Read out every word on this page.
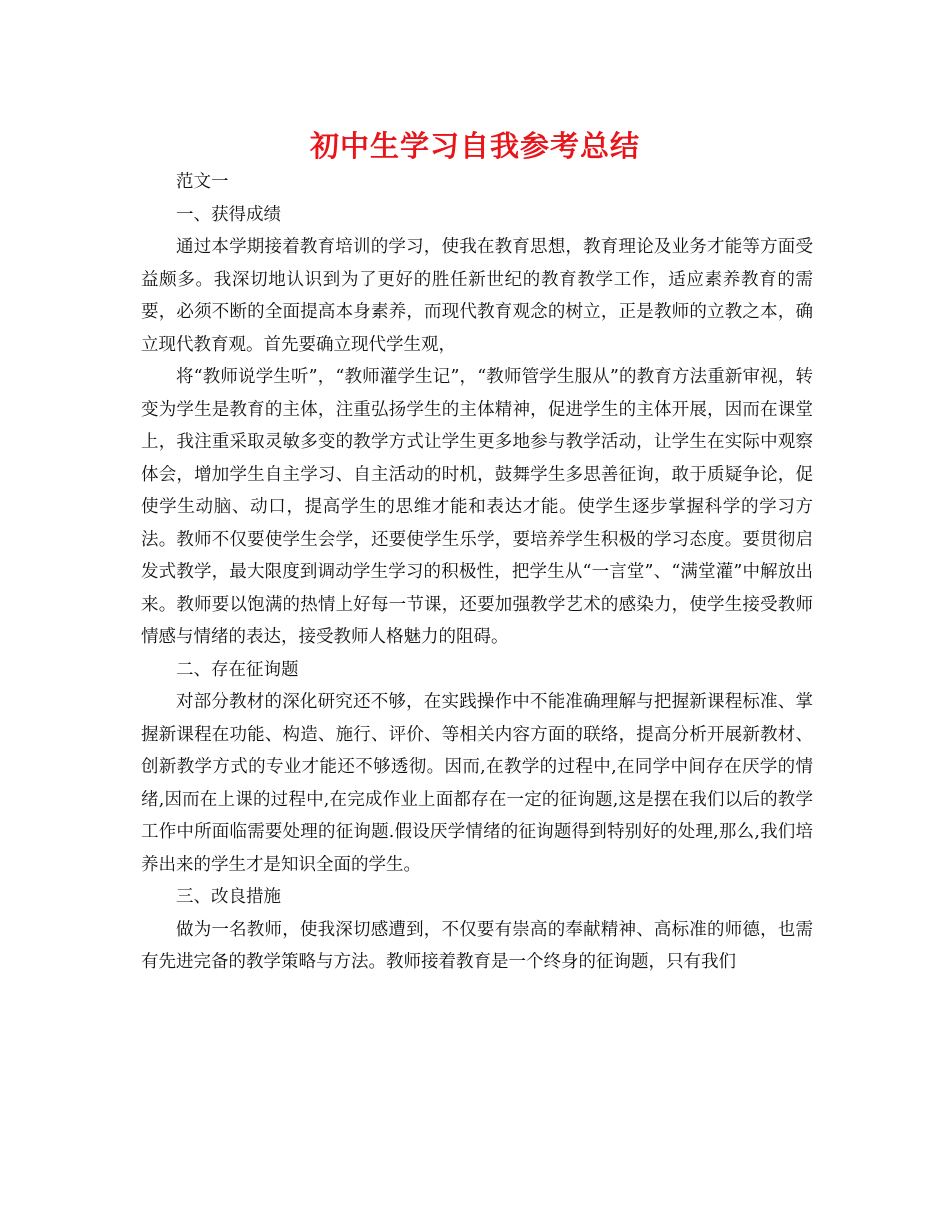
初中生学习自我参考总结

范文一

一、获得成绩

通过本学期接着教育培训的学习，使我在教育思想，教育理论及业务才能等方面受益颇多。我深切地认识到为了更好的胜任新世纪的教育教学工作，适应素养教育的需要，必须不断的全面提高本身素养，而现代教育观念的树立，正是教师的立教之本，确立现代教育观。首先要确立现代学生观，

将“教师说学生听”，“教师灌学生记”，“教师管学生服从”的教育方法重新审视，转变为学生是教育的主体，注重弘扬学生的主体精神，促进学生的主体开展，因而在课堂上，我注重采取灵敏多变的教学方式让学生更多地参与教学活动，让学生在实际中观察体会，增加学生自主学习、自主活动的时机，鼓舞学生多思善征询，敢于质疑争论，促使学生动脑、动口，提高学生的思维才能和表达才能。使学生逐步掌握科学的学习方法。教师不仅要使学生会学，还要使学生乐学，要培养学生积极的学习态度。要贯彻启发式教学，最大限度到调动学生学习的积极性，把学生从“一言堂”、“满堂灌”中解放出来。教师要以饱满的热情上好每一节课，还要加强教学艺术的感染力，使学生接受教师情感与情绪的表达，接受教师人格魅力的阻碍。

二、存在征询题

对部分教材的深化研究还不够，在实践操作中不能准确理解与把握新课程标准、掌握新课程在功能、构造、施行、评价、等相关内容方面的联络，提高分析开展新教材、创新教学方式的专业才能还不够透彻。因而,在教学的过程中,在同学中间存在厌学的情绪,因而在上课的过程中,在完成作业上面都存在一定的征询题,这是摆在我们以后的教学工作中所面临需要处理的征询题.假设厌学情绪的征询题得到特别好的处理,那么,我们培养出来的学生才是知识全面的学生。

三、改良措施

做为一名教师，使我深切感遭到，不仅要有崇高的奉献精神、高标准的师德，也需有先进完备的教学策略与方法。教师接着教育是一个终身的征询题，只有我们
